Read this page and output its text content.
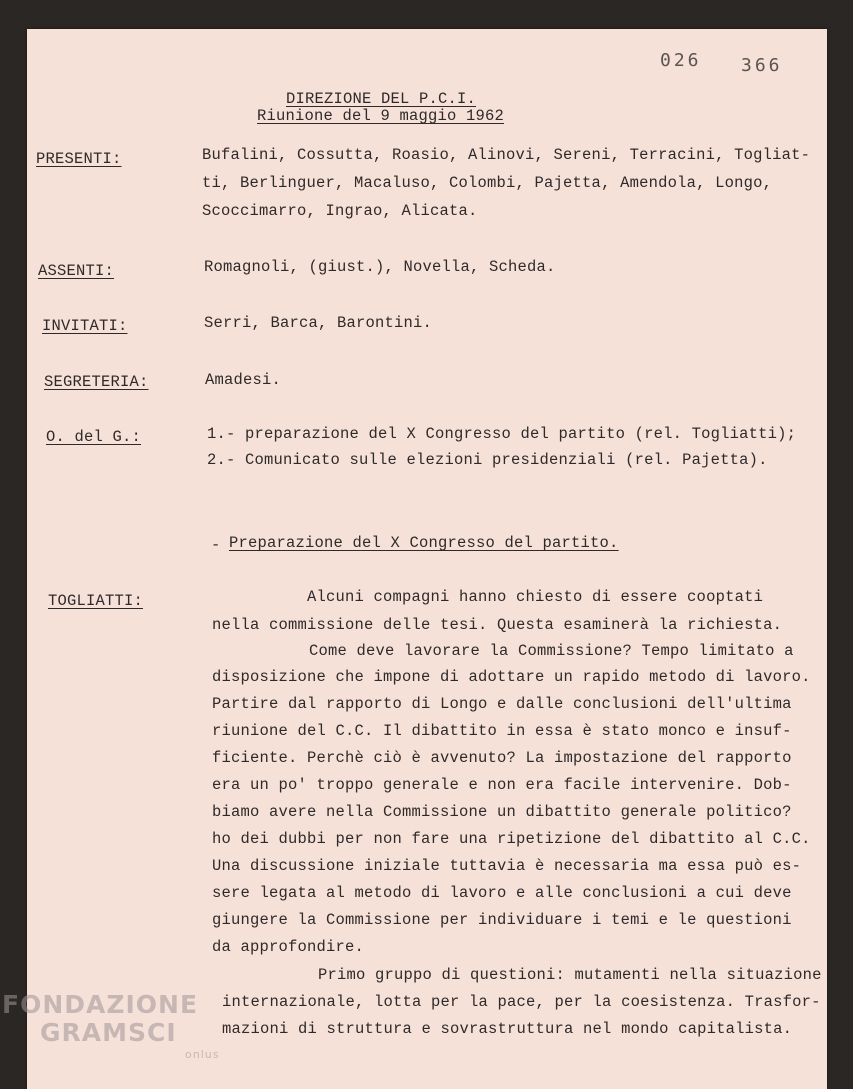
026 366
DIREZIONE DEL P.C.I.
Riunione del 9 maggio 1962
PRESENTI:	Bufalini, Cossutta, Roasio, Alinovi, Sereni, Terracini, Togliat-
ti, Berlinguer, Macaluso, Colombi, Pajetta, Amendola, Longo,
Scoccimarro, Ingrao, Alicata.
ASSENTI:	Romagnoli, (giust.), Novella, Scheda.
INVITATI:	Serri, Barca, Barontini.
SEGRETERIA:	Amadesi.
O. del G.:	1.- preparazione del X Congresso del partito (rel. Togliatti);
2.- Comunicato sulle elezioni presidenziali (rel. Pajetta).
- Preparazione del X Congresso del partito.
TOGLIATTI:	Alcuni compagni hanno chiesto di essere cooptati
nella commissione delle tesi. Questa esaminerà la richiesta.
Come deve lavorare la Commissione? Tempo limitato a
disposizione che impone di adottare un rapido metodo di lavoro.
Partire dal rapporto di Longo e dalle conclusioni dell'ultima
riunione del C.C. Il dibattito in essa è stato monco e insuf-
ficiente. Perchè ciò è avvenuto? La impostazione del rapporto
era un po' troppo generale e non era facile intervenire. Dob-
biamo avere nella Commissione un dibattito generale politico?
ho dei dubbi per non fare una ripetizione del dibattito al C.C.
Una discussione iniziale tuttavia è necessaria ma essa può es-
sere legata al metodo di lavoro e alle conclusioni a cui deve
giungere la Commissione per individuare i temi e le questioni
da approfondire.
Primo gruppo di questioni: mutamenti nella situazione
internazionale, lotta per la pace, per la coesistenza. Trasfor-
mazioni di struttura e sovrastruttura nel mondo capitalista.
FONDAZIONE
GRAMSCI
onlus
